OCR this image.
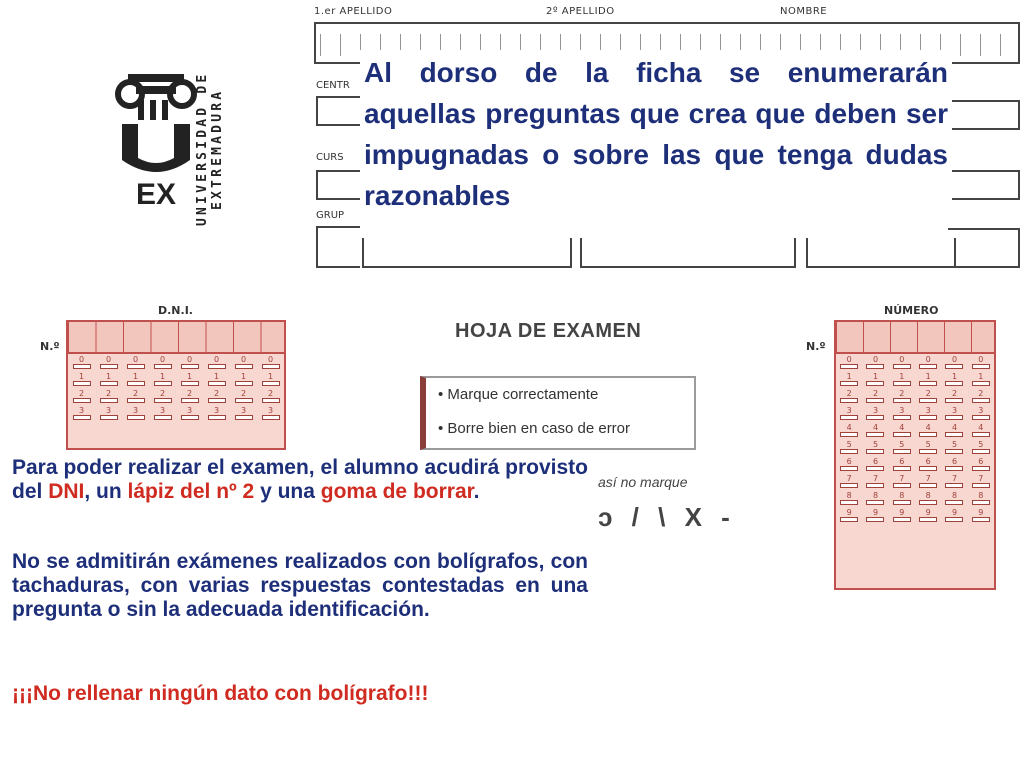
EX UNIVERSIDAD DE EXTREMADURA
1.er APELLIDO	2º APELLIDO	NOMBRE
CENTR
CURS
GRUP
Al dorso de la ficha se enumerarán aquellas preguntas que crea que deben ser impugnadas o sobre las que tenga dudas razonables
D.N.I.
N.º
0	0	0	0	0	0	0	0
1	1	1	1	1	1	1	1
2	2	2	2	2	2	2	2
3	3	3	3	3	3	3	3
NÚMERO
N.º
0	0	0	0	0	0
1	1	1	1	1	1
2	2	2	2	2	2
3	3	3	3	3	3
4	4	4	4	4	4
5	5	5	5	5	5
6	6	6	6	6	6
7	7	7	7	7	7
8	8	8	8	8	8
9	9	9	9	9	9
HOJA DE EXAMEN
• Marque correctamente
• Borre bien en caso de error
así no marque
ↄ / \ X -
Para poder realizar el examen, el alumno acudirá provisto del DNI, un lápiz del nº 2 y una goma de borrar.
No se admitirán exámenes realizados con bolígrafos, con tachaduras, con varias respuestas contestadas en una pregunta o sin la adecuada identificación.
¡¡¡No rellenar ningún dato con bolígrafo!!!
